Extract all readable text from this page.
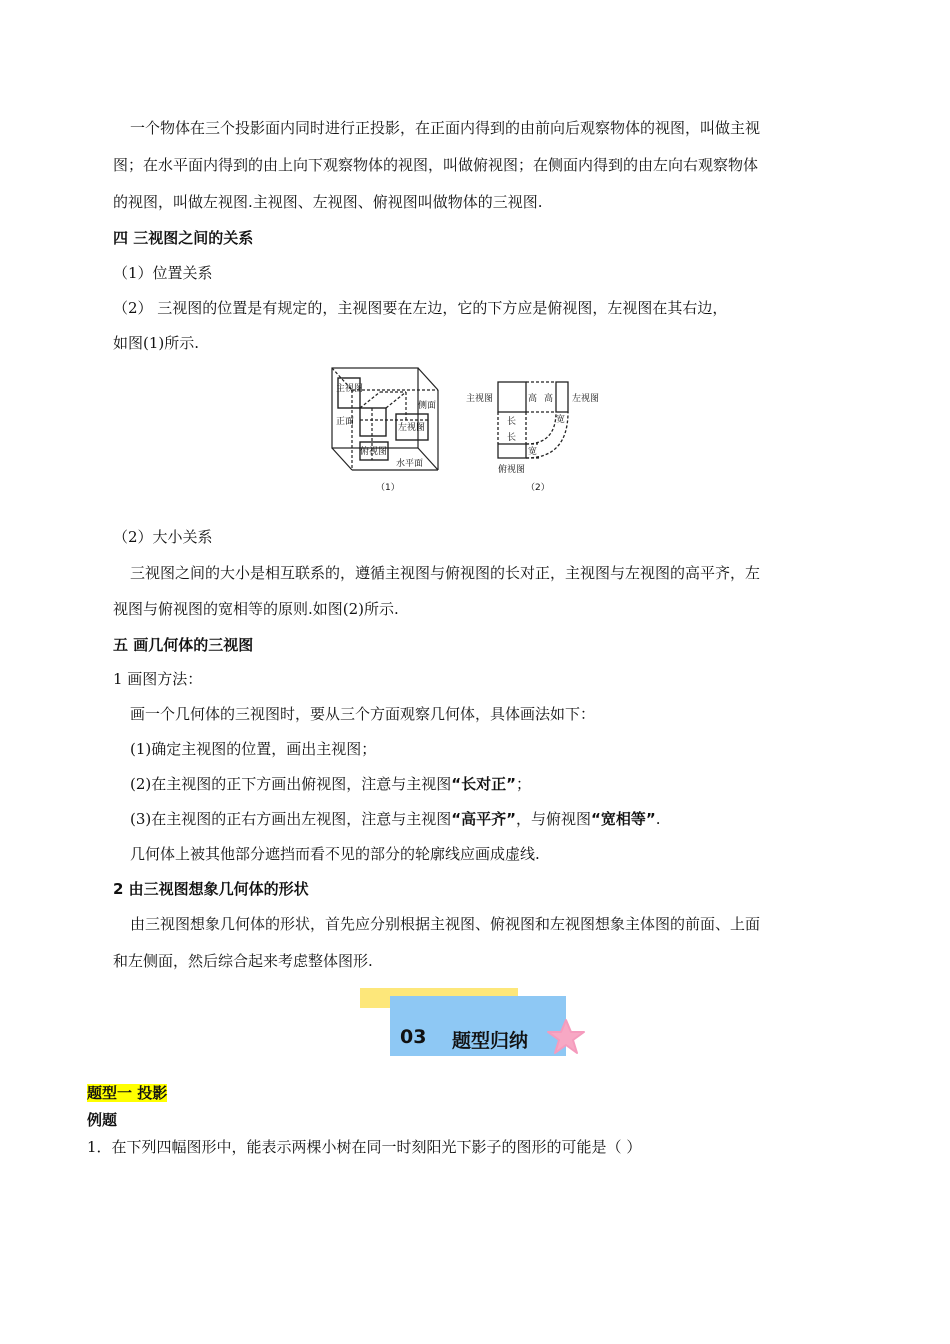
一个物体在三个投影面内同时进行正投影，在正面内得到的由前向后观察物体的视图，叫做主视
图；在水平面内得到的由上向下观察物体的视图，叫做俯视图；在侧面内得到的由左向右观察物体
的视图，叫做左视图.主视图、左视图、俯视图叫做物体的三视图.
四 三视图之间的关系
（1）位置关系
（2） 三视图的位置是有规定的，主视图要在左边，它的下方应是俯视图，左视图在其右边，
如图(1)所示.
主视图
侧面
正面
左视图
俯视图
水平面
（1）
主视图	左视图
俯视图
高 高
长
长
宽
宽
（2）
（2）大小关系
三视图之间的大小是相互联系的，遵循主视图与俯视图的长对正，主视图与左视图的高平齐，左
视图与俯视图的宽相等的原则.如图(2)所示.
五 画几何体的三视图
1 画图方法：
画一个几何体的三视图时，要从三个方面观察几何体，具体画法如下：
(1)确定主视图的位置，画出主视图；
(2)在主视图的正下方画出俯视图，注意与主视图“长对正”；
(3)在主视图的正右方画出左视图，注意与主视图“高平齐”，与俯视图“宽相等”.
几何体上被其他部分遮挡而看不见的部分的轮廓线应画成虚线.
2 由三视图想象几何体的形状
由三视图想象几何体的形状，首先应分别根据主视图、俯视图和左视图想象主体图的前面、上面
和左侧面，然后综合起来考虑整体图形.
03 题型归纳
题型一 投影
例题
1．在下列四幅图形中，能表示两棵小树在同一时刻阳光下影子的图形的可能是（ ）
